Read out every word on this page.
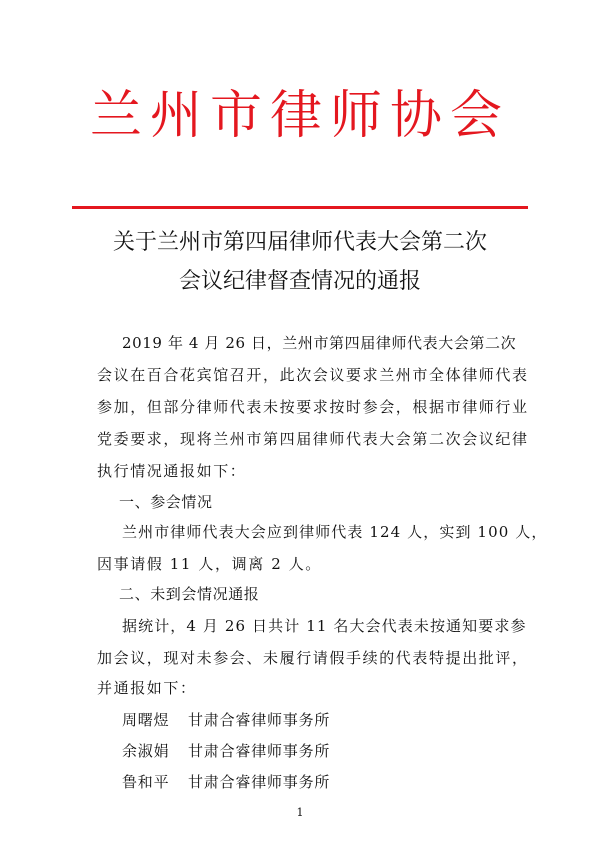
兰州市律师协会
关于兰州市第四届律师代表大会第二次
会议纪律督查情况的通报
2019 年 4 月 26 日，兰州市第四届律师代表大会第二次
会议在百合花宾馆召开，此次会议要求兰州市全体律师代表
参加，但部分律师代表未按要求按时参会，根据市律师行业
党委要求，现将兰州市第四届律师代表大会第二次会议纪律
执行情况通报如下：
一、参会情况
兰州市律师代表大会应到律师代表 124 人，实到 100 人，
因事请假 11 人，调离 2 人。
二、未到会情况通报
据统计，4 月 26 日共计 11 名大会代表未按通知要求参
加会议，现对未参会、未履行请假手续的代表特提出批评，
并通报如下：
周曙煜 甘肃合睿律师事务所
余淑娟 甘肃合睿律师事务所
鲁和平 甘肃合睿律师事务所
1
